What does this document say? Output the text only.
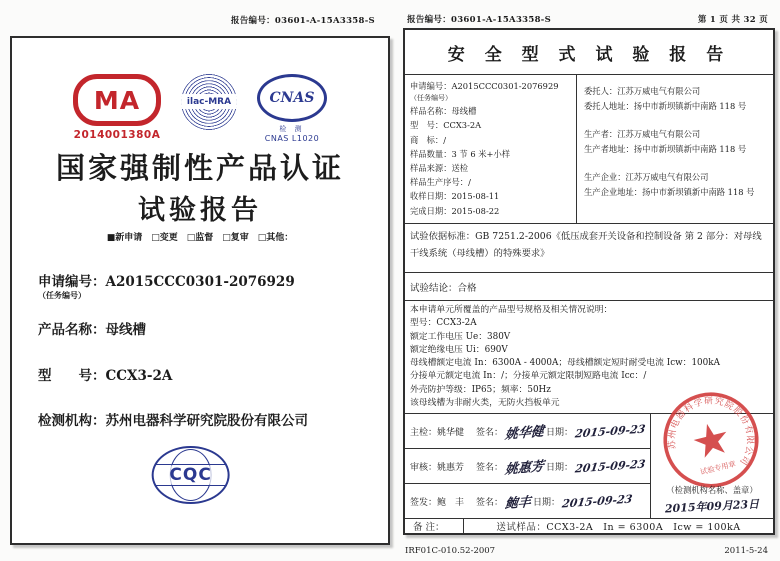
报告编号：03601-A-15A3358-S	报告编号：03601-A-15A3358-S	第 1 页 共 32 页
MA
2014001380A
ilac-MRA	CNAS
检 测
CNAS L1020
国家强制性产品认证
试验报告
■新申请　□变更　□监督　□复审　□其他：
申请编号：A2015CCC0301-2076929
（任务编号）
产品名称：母线槽
型　　号：CCX3-2A
检测机构：苏州电器科学研究院股份有限公司
CQC
安 全 型 式 试 验 报 告
申请编号：A2015CCC0301-2076929
（任务编号）
样品名称：母线槽
型　号：CCX3-2A
商　标：/
样品数量：3 节 6 米+小样
样品来源：送检
样品生产序号：/
收样日期：2015-08-11
完成日期：2015-08-22
委托人：江苏万威电气有限公司
委托人地址：扬中市新坝镇新中南路 118 号
生产者：江苏万威电气有限公司
生产者地址：扬中市新坝镇新中南路 118 号
生产企业：江苏万威电气有限公司
生产企业地址：扬中市新坝镇新中南路 118 号
试验依据标准：GB 7251.2-2006《低压成套开关设备和控制设备 第 2 部分：对母线干线系统（母线槽）的特殊要求》
试验结论：合格
本申请单元所覆盖的产品型号规格及相关情况说明：
型号：CCX3-2A
额定工作电压 Ue：380V
额定绝缘电压 Ui：690V
母线槽额定电流 In：6300A - 4000A；母线槽额定短时耐受电流 Icw：100kA
分接单元额定电流 In：/；分接单元额定限制短路电流 Icc：/
外壳防护等级：IP65；频率：50Hz
该母线槽为非耐火类，无防火挡板单元
主检：姚华健	签名： 姚华健 日期： 2015-09-23
审核：姚惠芳	签名： 姚惠芳 日期： 2015-09-23
签发：鲍　丰	签名： 鲍丰 日期： 2015-09-23
苏州电器科学研究院股份有限公司
试验专用章
（检测机构名称、盖章）
2015年09月23日
备 注：	送试样品：CCX3-2A　In = 6300A　Icw = 100kA
IRF01C-010.52-2007	2011-5-24
